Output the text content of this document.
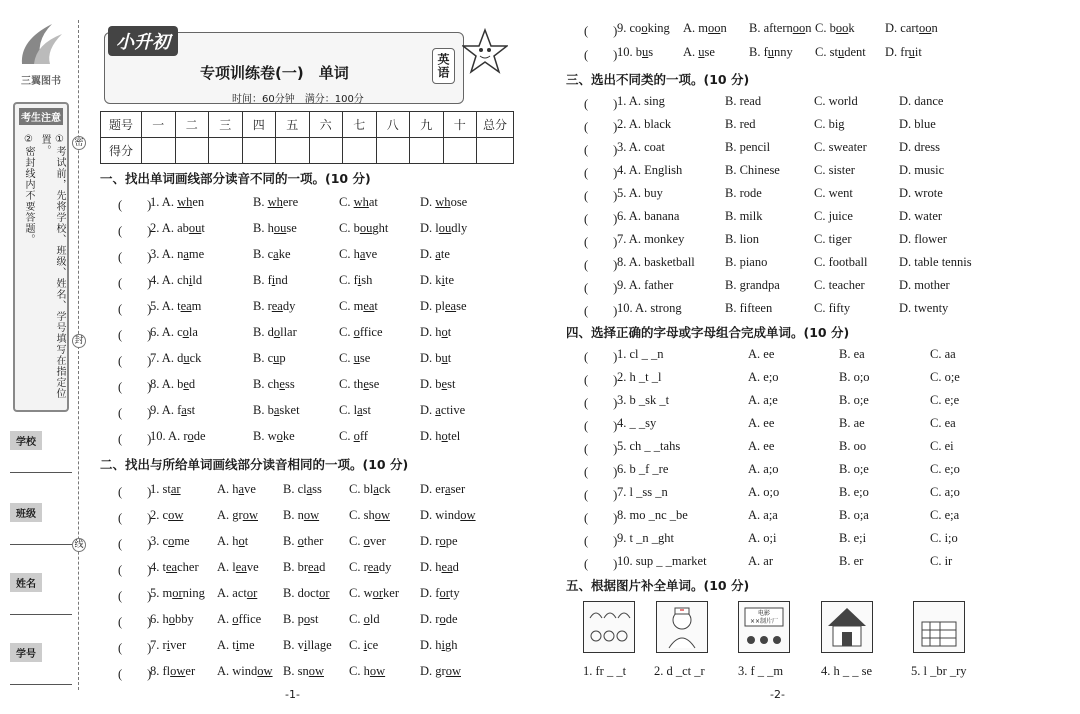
三翼图书
考生注意
②密封线内不要答题。	①考试前，先将学校、班级、姓名、学号填写在指定位置。	密
封
线
学校
班级
姓名
学号
小升初
专项训练卷(一)　单词
时间：60分钟　满分：100分
英语
题号	一	二	三	四	五	六	七	八	九	十	总分
得分											
一、找出单词画线部分读音不同的一项。(10 分)
二、找出与所给单词画线部分读音相同的一项。(10 分)
三、选出不同类的一项。(10 分)
四、选择正确的字母或字母组合完成单词。(10 分)
五、根据图片补全单词。(10 分)
(　　)
1. A. when	B. where	C. what	D. whose
(　　)
2. A. about	B. house	C. bought	D. loudly
(　　)
3. A. name	B. cake	C. have	D. ate
(　　)
4. A. child	B. find	C. fish	D. kite
(　　)
5. A. team	B. ready	C. meat	D. please
(　　)
6. A. cola	B. dollar	C. office	D. hot
(　　)
7. A. duck	B. cup	C. use	D. but
(　　)
8. A. bed	B. chess	C. these	D. best
(　　)
9. A. fast	B. basket	C. last	D. active
(　　)
10. A. rode	B. woke	C. off	D. hotel
(　　)
1. star	A. have B. class C. black D. eraser
(　　)
2. cow	A. grow B. now C. show D. window
(　　)
3. come A. hot	B. other C. over	D. rope
(　　)
4. teacher A. leave B. bread C. ready D. head
(　　)
5. morning A. actor B. doctor C. worker D. forty
(　　)
6. hobby A. office B. post C. old	D. rode
(　　)
7. river A. time B. village C. ice	D. high
(　　)
8. flower A. window B. snow C. how	D. grow
(　　) 9. cooking A. moon B. afternoon C. book D. cartoon
(　　) 10. bus A. use	B. funny C. student D. fruit
(　　) 1. A. sing	B. read	C. world	D. dance
(　　) 2. A. black	B. red	C. big	D. blue
(　　) 3. A. coat	B. pencil	C. sweater	D. dress
(　　) 4. A. English	B. Chinese	C. sister	D. music
(　　) 5. A. buy	B. rode	C. went	D. wrote
(　　) 6. A. banana	B. milk	C. juice	D. water
(　　) 7. A. monkey	B. lion	C. tiger	D. flower
(　　) 8. A. basketball B. piano	C. football	D. table tennis
(　　) 9. A. father	B. grandpa	C. teacher	D. mother
(　　) 10. A. strong	B. fifteen	C. fifty	D. twenty
(　　) 1. cl _ _n	A. ee	B. ea	C. aa
(　　) 2. h _t _l	A. e;o	B. o;o	C. o;e
(　　) 3. b _sk _t	A. a;e	B. o;e	C. e;e
(　　) 4. _ _sy	A. ee	B. ae	C. ea
(　　) 5. ch _ _tahs	A. ee	B. oo	C. ei
(　　) 6. b _f _re	A. a;o	B. o;e	C. e;o
(　　) 7. l _ss _n	A. o;o	B. e;o	C. a;o
(　　) 8. mo _nc _be	A. a;a	B. o;a	C. e;a
(　　) 9. t _n _ght	A. o;i	B. e;i	C. i;o
(　　) 10. sup _ _market	A. ar	B. er	C. ir
1. fr _ _t 2. d _ct _r	3. f _ _m	4. h _ _ se	5. l _br _ry
电影
××制片厂
-1-	-2-
